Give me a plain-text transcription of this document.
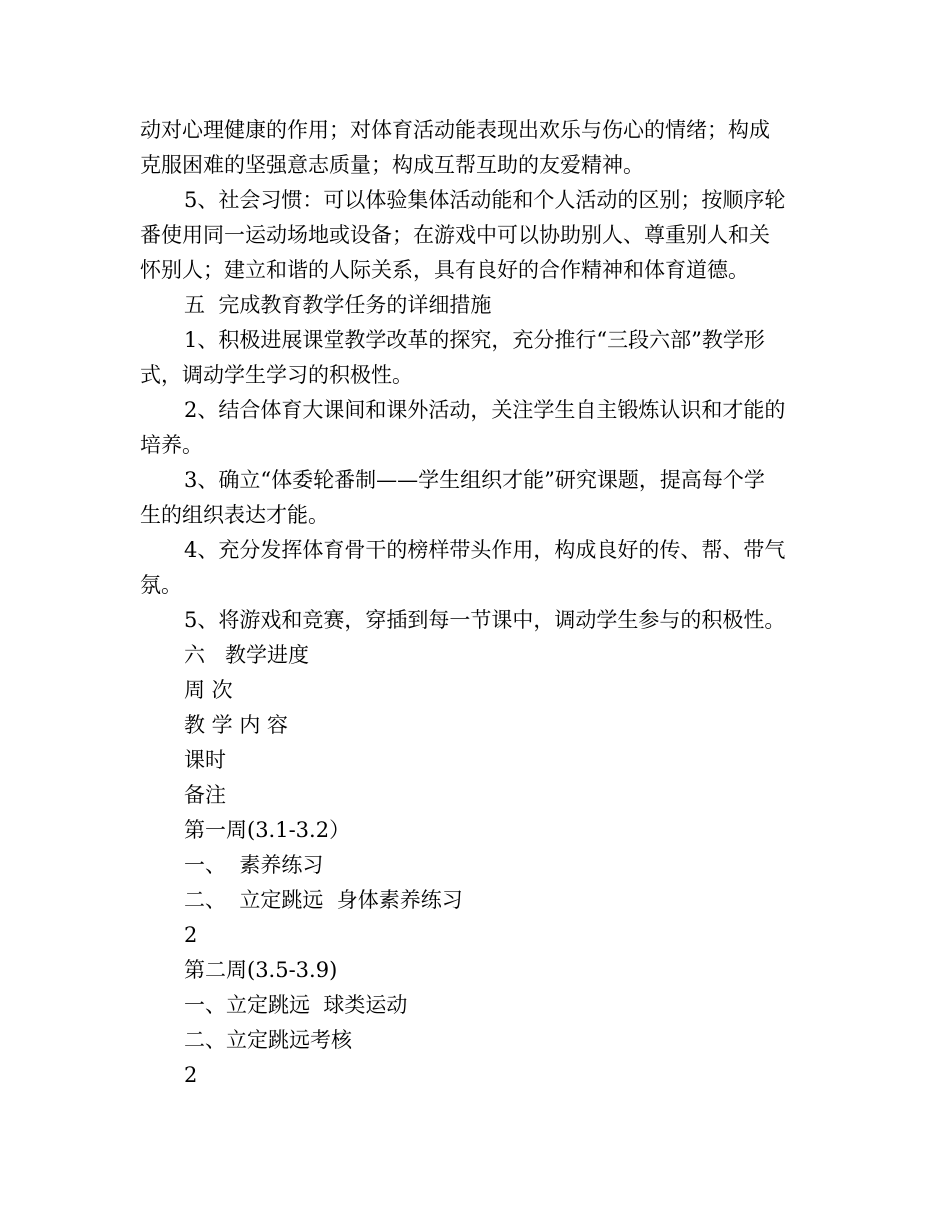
动对心理健康的作用；对体育活动能表现出欢乐与伤心的情绪；构成
克服困难的坚强意志质量；构成互帮互助的友爱精神。
5、社会习惯：可以体验集体活动能和个人活动的区别；按顺序轮
番使用同一运动场地或设备；在游戏中可以协助别人、尊重别人和关
怀别人；建立和谐的人际关系，具有良好的合作精神和体育道德。
五  完成教育教学任务的详细措施
1、积极进展课堂教学改革的探究，充分推行“三段六部”教学形
式，调动学生学习的积极性。
2、结合体育大课间和课外活动，关注学生自主锻炼认识和才能的
培养。
3、确立“体委轮番制——学生组织才能”研究课题，提高每个学
生的组织表达才能。
4、充分发挥体育骨干的榜样带头作用，构成良好的传、帮、带气
氛。
5、将游戏和竞赛，穿插到每一节课中，调动学生参与的积极性。
六   教学进度
周 次
教 学 内 容
课时
备注
第一周(3.1-3.2）
一、  素养练习
二、  立定跳远  身体素养练习
2
第二周(3.5-3.9)
一、立定跳远  球类运动
二、立定跳远考核
2
